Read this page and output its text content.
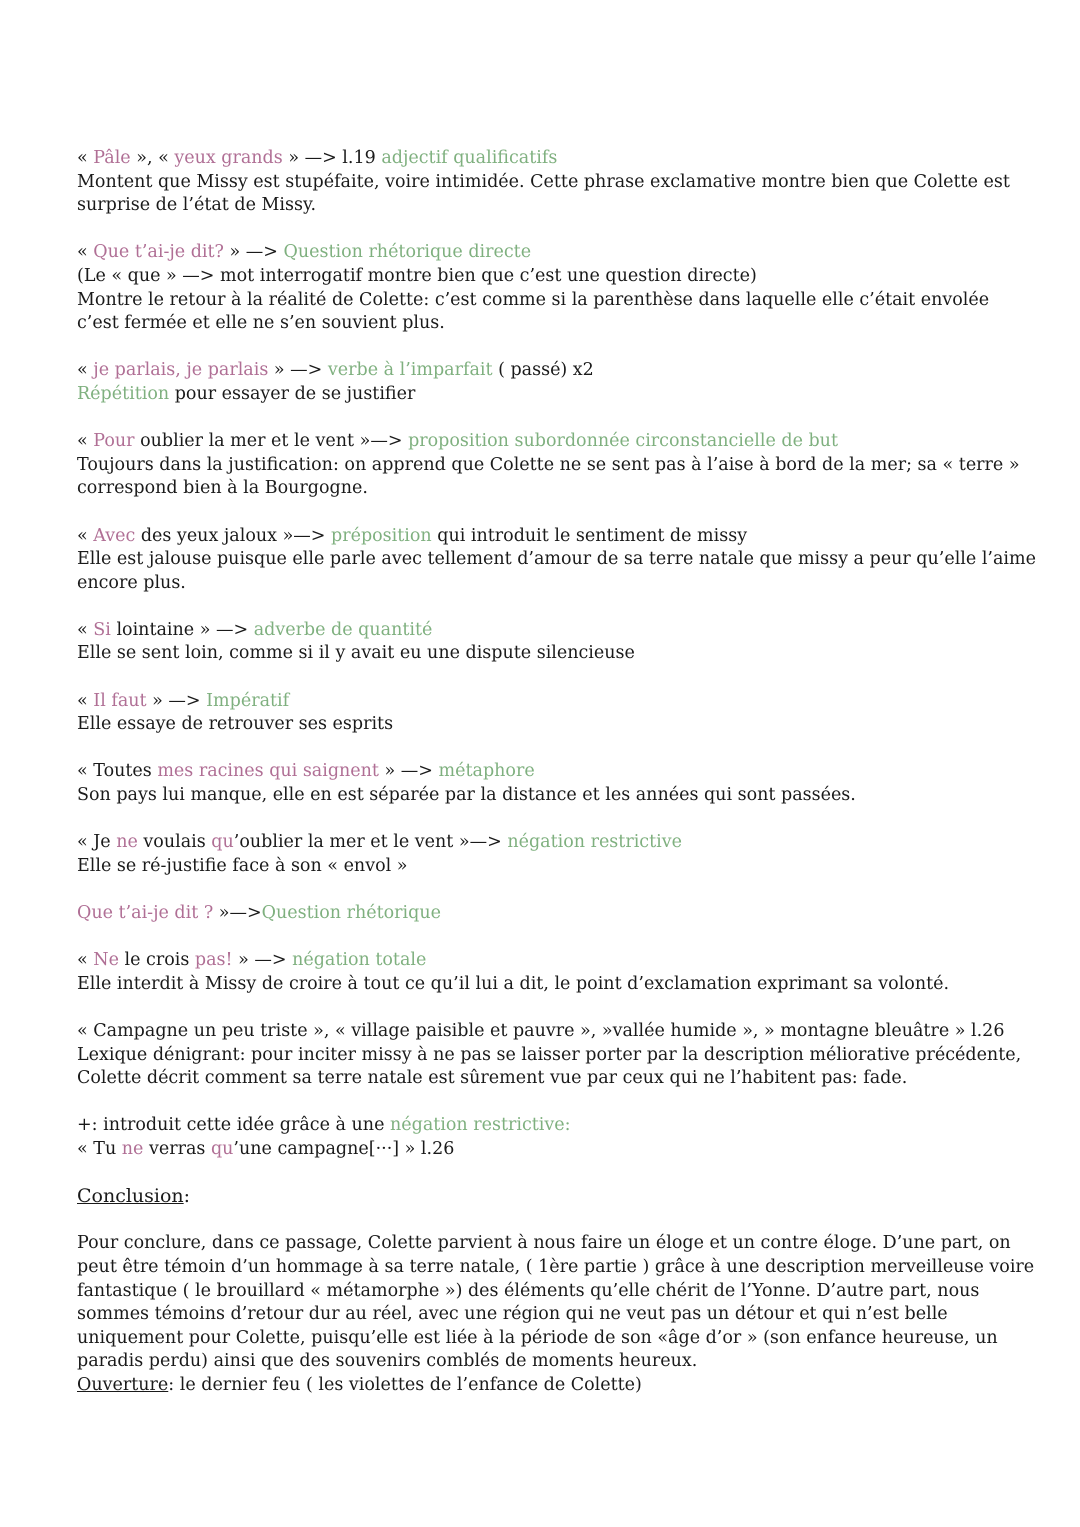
« Pâle », « yeux grands » —> l.19 adjectif qualificatifs
Montent que Missy est stupéfaite, voire intimidée. Cette phrase exclamative montre bien que Colette est
surprise de l’état de Missy.
« Que t’ai-je dit? » —> Question rhétorique directe
(Le « que » —> mot interrogatif montre bien que c’est une question directe)
Montre le retour à la réalité de Colette: c’est comme si la parenthèse dans laquelle elle c’était envolée
c’est fermée et elle ne s’en souvient plus.
« je parlais, je parlais » —> verbe à l’imparfait ( passé) x2
Répétition pour essayer de se justifier
« Pour oublier la mer et le vent »—> proposition subordonnée circonstancielle de but
Toujours dans la justification: on apprend que Colette ne se sent pas à l’aise à bord de la mer; sa « terre »
correspond bien à la Bourgogne.
« Avec des yeux jaloux »—> préposition qui introduit le sentiment de missy
Elle est jalouse puisque elle parle avec tellement d’amour de sa terre natale que missy a peur qu’elle l’aime
encore plus.
« Si lointaine » —> adverbe de quantité
Elle se sent loin, comme si il y avait eu une dispute silencieuse
« Il faut » —> Impératif
Elle essaye de retrouver ses esprits
« Toutes mes racines qui saignent » —> métaphore
Son pays lui manque, elle en est séparée par la distance et les années qui sont passées.
« Je ne voulais qu’oublier la mer et le vent »—> négation restrictive
Elle se ré-justifie face à son « envol »
Que t’ai-je dit ? »—>Question rhétorique
« Ne le crois pas! » —> négation totale
Elle interdit à Missy de croire à tout ce qu’il lui a dit, le point d’exclamation exprimant sa volonté.
« Campagne un peu triste », « village paisible et pauvre », »vallée humide », » montagne bleuâtre » l.26
Lexique dénigrant: pour inciter missy à ne pas se laisser porter par la description méliorative précédente,
Colette décrit comment sa terre natale est sûrement vue par ceux qui ne l’habitent pas: fade.
+: introduit cette idée grâce à une négation restrictive:
« Tu ne verras qu’une campagne[···] » l.26
Conclusion:
Pour conclure, dans ce passage, Colette parvient à nous faire un éloge et un contre éloge. D’une part, on
peut être témoin d’un hommage à sa terre natale, ( 1ère partie ) grâce à une description merveilleuse voire
fantastique ( le brouillard « métamorphe ») des éléments qu’elle chérit de l’Yonne. D’autre part, nous
sommes témoins d’retour dur au réel, avec une région qui ne veut pas un détour et qui n’est belle
uniquement pour Colette, puisqu’elle est liée à la période de son «âge d’or » (son enfance heureuse, un
paradis perdu) ainsi que des souvenirs comblés de moments heureux.
Ouverture: le dernier feu ( les violettes de l’enfance de Colette)
